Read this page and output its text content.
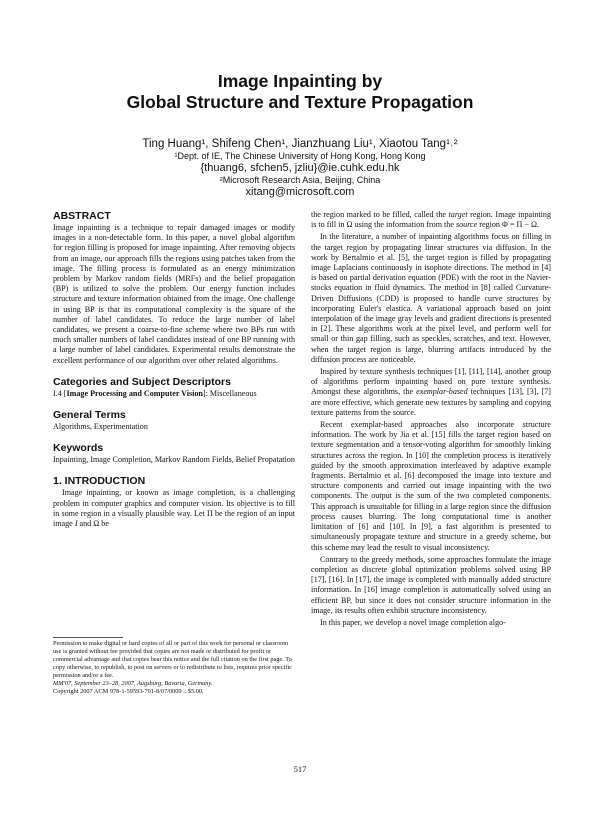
Image Inpainting by
Global Structure and Texture Propagation
Ting Huang¹, Shifeng Chen¹, Jianzhuang Liu¹, Xiaotou Tang¹˒²
¹Dept. of IE, The Chinese University of Hong Kong, Hong Kong
{thuang6, sfchen5, jzliu}@ie.cuhk.edu.hk
²Microsoft Research Asia, Beijing, China
xitang@microsoft.com
ABSTRACT

Image inpainting is a technique to repair damaged images or modify images in a non-detectable form. In this paper, a novel global algorithm for region filling is proposed for image inpainting. After removing objects from an image, our approach fills the regions using patches taken from the image. The filling process is formulated as an energy minimization problem by Markov random fields (MRFs) and the belief propagation (BP) is utilized to solve the problem. Our energy function includes structure and texture information obtained from the image. One challenge in using BP is that its computational complexity is the square of the number of label candidates. To reduce the large number of label candidates, we present a coarse-to-fine scheme where two BPs run with much smaller numbers of label candidates instead of one BP running with a large number of label candidates. Experimental results demonstrate the excellent performance of our algorithm over other related algorithms.

Categories and Subject Descriptors

I.4 [Image Processing and Computer Vision]: Miscellaneous

General Terms

Algorithms, Experimentation

Keywords

Inpainting, Image Completion, Markov Random Fields, Belief Propatation

1. INTRODUCTION

Image inpainting, or known as image completion, is a challenging problem in computer graphics and computer vision. Its objective is to fill in some region in a visually plausible way. Let Π be the region of an input image I and Ω be

Permission to make digital or hard copies of all or part of this work for personal or classroom use is granted without fee provided that copies are not made or distributed for profit or commercial advantage and that copies bear this notice and the full citation on the first page. To copy otherwise, to republish, to post on servers or to redistribute to lists, requires prior specific permission and/or a fee.

MM'07, September 23–28, 2007, Augsburg, Bavaria, Germany.

Copyright 2007 ACM 978-1-59593-701-8/07/0009 ...$5.00.

the region marked to be filled, called the target region. Image inpainting is to fill in Ω using the information from the source region Φ = Π − Ω.

In the literature, a number of inpainting algorithms focus on filling in the target region by propagating linear structures via diffusion. In the work by Bertalmio et al. [5], the target region is filled by propagating image Laplacians continuously in isophote directions. The method in [4] is based on partial derivation equation (PDE) with the root in the Navier-stocks equation in fluid dynamics. The method in [8] called Curvature-Driven Diffusions (CDD) is proposed to handle curve structures by incorporating Euler's elastica. A variational approach based on joint interpolation of the image gray levels and gradient directions is presented in [2]. These algorithms work at the pixel level, and perform well for small or thin gap filling, such as speckles, scratches, and text. However, when the target region is large, blurring artifacts introduced by the diffusion process are noticeable.

Inspired by texture synthesis techniques [1], [11], [14], another group of algorithms perform inpainting based on pure texture synthesis. Amongst these algorithms, the exemplar-based techniques [13], [3], [7] are more effective, which generate new textures by sampling and copying texture patterns from the source.

Recent exemplar-based approaches also incorporate structure information. The work by Jia et al. [15] fills the target region based on texture segmentation and a tensor-voting algorithm for smoothly linking structures across the region. In [10] the completion process is iteratively guided by the smooth approximation interleaved by adaptive example fragments. Bertalmio et al. [6] decomposed the image into texture and structure components and carried out image inpainting with the two components. The output is the sum of the two completed components. This approach is unsuitable for filling in a large region since the diffusion process causes blurring. The long computational time is another limitation of [6] and [10]. In [9], a fast algorithm is presented to simultaneously propagate texture and structure in a greedy scheme, but this scheme may lead the result to visual inconsistency.

Contrary to the greedy methods, some approaches formulate the image completion as discrete global optimization problems solved using BP [17], [16]. In [17], the image is completed with manually added structure information. In [16] image completion is automatically solved using an efficient BP, but since it does not consider structure information in the image, its results often exhibit structure inconsistency.

In this paper, we develop a novel image completion algo-

517
